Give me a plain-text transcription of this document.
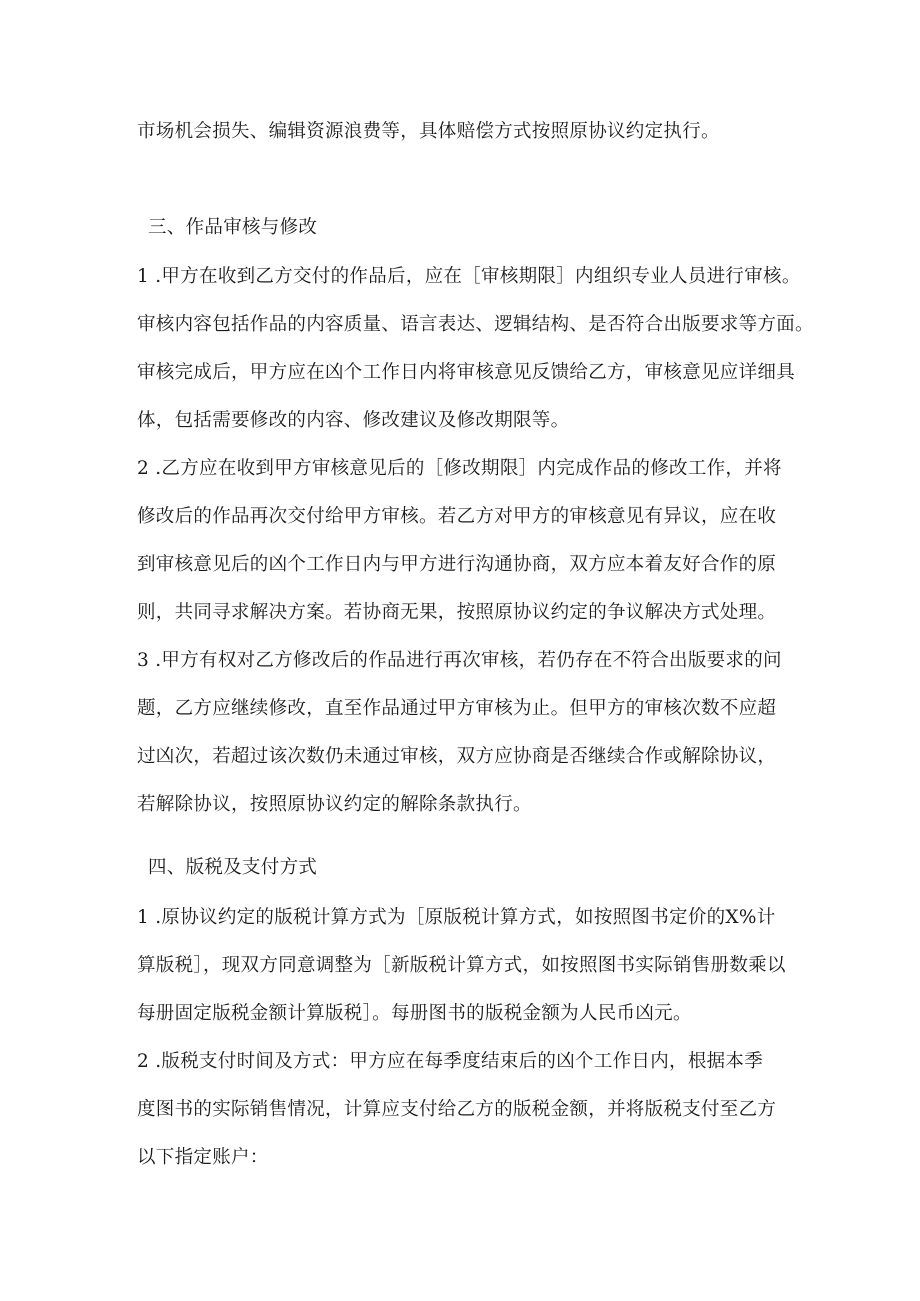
市场机会损失、编辑资源浪费等，具体赔偿方式按照原协议约定执行。
三、作品审核与修改
1 .甲方在收到乙方交付的作品后，应在［审核期限］内组织专业人员进行审核。
审核内容包括作品的内容质量、语言表达、逻辑结构、是否符合出版要求等方面。
审核完成后，甲方应在凶个工作日内将审核意见反馈给乙方，审核意见应详细具
体，包括需要修改的内容、修改建议及修改期限等。
2 .乙方应在收到甲方审核意见后的［修改期限］内完成作品的修改工作，并将
修改后的作品再次交付给甲方审核。若乙方对甲方的审核意见有异议，应在收
到审核意见后的凶个工作日内与甲方进行沟通协商，双方应本着友好合作的原
则，共同寻求解决方案。若协商无果，按照原协议约定的争议解决方式处理。
3 .甲方有权对乙方修改后的作品进行再次审核，若仍存在不符合出版要求的问
题，乙方应继续修改，直至作品通过甲方审核为止。但甲方的审核次数不应超
过凶次，若超过该次数仍未通过审核，双方应协商是否继续合作或解除协议，
若解除协议，按照原协议约定的解除条款执行。
四、版税及支付方式
1 .原协议约定的版税计算方式为［原版税计算方式，如按照图书定价的X%计
算版税］，现双方同意调整为［新版税计算方式，如按照图书实际销售册数乘以
每册固定版税金额计算版税］。每册图书的版税金额为人民币凶元。
2 .版税支付时间及方式：甲方应在每季度结束后的凶个工作日内，根据本季
度图书的实际销售情况，计算应支付给乙方的版税金额，并将版税支付至乙方
以下指定账户：
